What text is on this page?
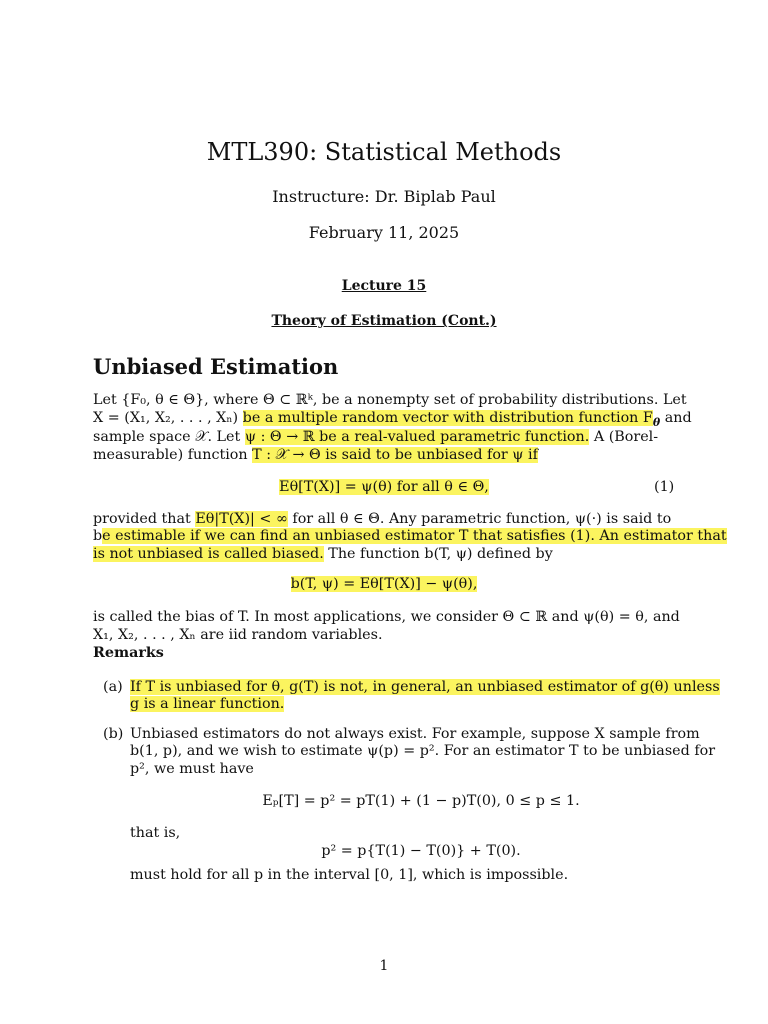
MTL390: Statistical Methods
Instructure: Dr. Biplab Paul
February 11, 2025
Lecture 15
Theory of Estimation (Cont.)
Unbiased Estimation
Let {F₀, θ ∈ Θ}, where Θ ⊂ ℝᵏ, be a nonempty set of probability distributions. Let
X = (X₁, X₂, . . . , Xₙ) be a multiple random vector with distribution function $F_\theta$ and
sample space 𝒳. Let ψ : Θ → ℝ be a real-valued parametric function. A (Borel-
measurable) function T : 𝒳 → Θ is said to be unbiased for ψ if
Eθ[T(X)] = ψ(θ) for all θ ∈ Θ,	(1)
provided that Eθ|T(X)| < ∞ for all θ ∈ Θ. Any parametric function, ψ(·) is said to
be estimable if we can find an unbiased estimator T that satisfies (1). An estimator that
is not unbiased is called biased. The function b(T, ψ) defined by
b(T, ψ) = Eθ[T(X)] − ψ(θ),
is called the bias of T. In most applications, we consider Θ ⊂ ℝ and ψ(θ) = θ, and
X₁, X₂, . . . , Xₙ are iid random variables.
Remarks
(a) If T is unbiased for θ, g(T) is not, in general, an unbiased estimator of g(θ) unless
g is a linear function.
(b) Unbiased estimators do not always exist. For example, suppose X sample from
b(1, p), and we wish to estimate ψ(p) = p². For an estimator T to be unbiased for
p², we must have
Eₚ[T] = p² = pT(1) + (1 − p)T(0), 0 ≤ p ≤ 1.
that is,
p² = p{T(1) − T(0)} + T(0).
must hold for all p in the interval [0, 1], which is impossible.
1
